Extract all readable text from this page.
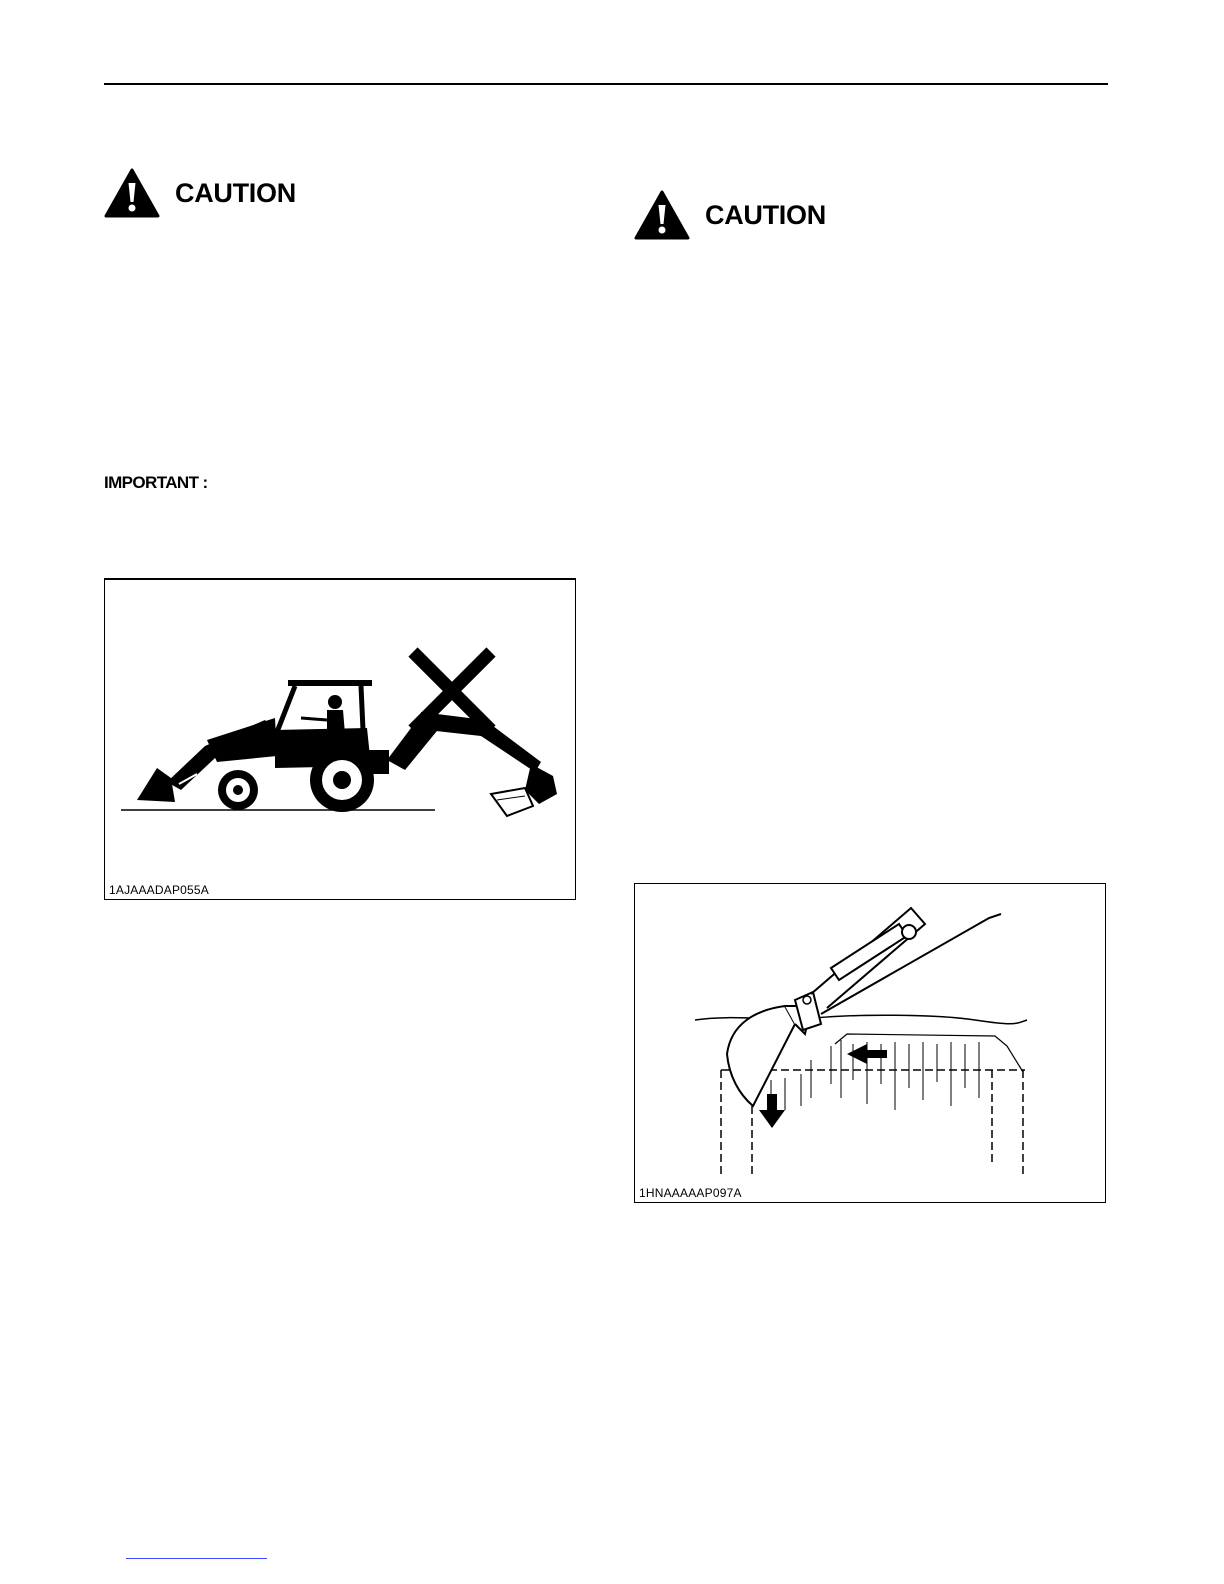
CAUTION
IMPORTANT :
1AJAAADAP055A
CAUTION
1HNAAAAAP097A
